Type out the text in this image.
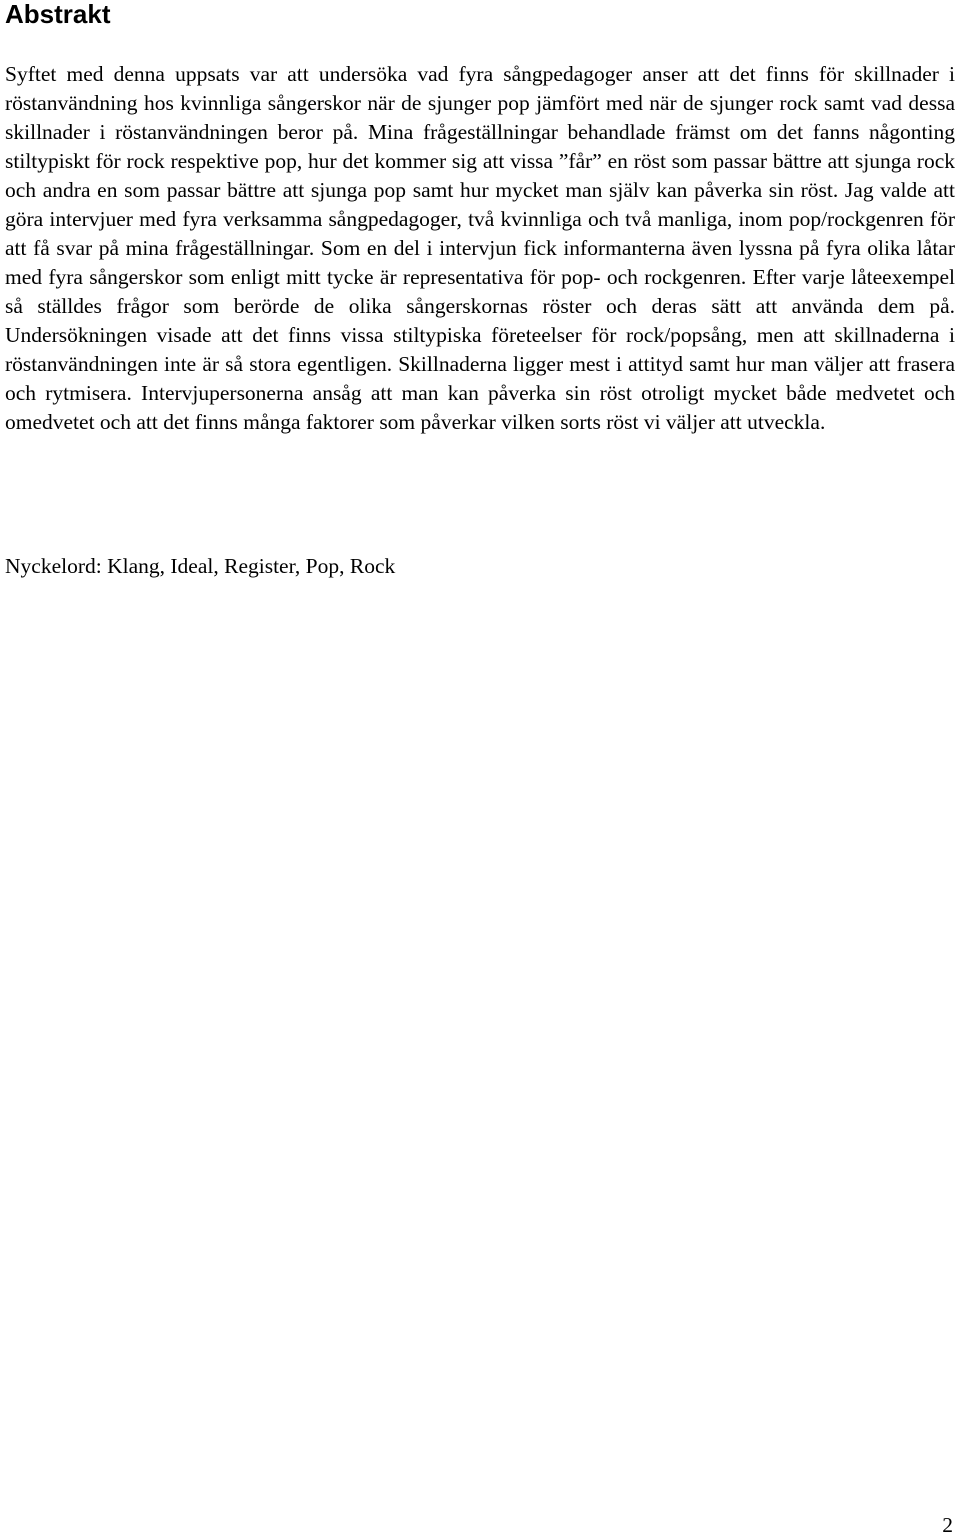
Abstrakt

Syftet med denna uppsats var att undersöka vad fyra sångpedagoger anser att det finns för skillnader i röstanvändning hos kvinnliga sångerskor när de sjunger pop jämfört med när de sjunger rock samt vad dessa skillnader i röstanvändningen beror på. Mina frågeställningar behandlade främst om det fanns någonting stiltypiskt för rock respektive pop, hur det kommer sig att vissa ”får” en röst som passar bättre att sjunga rock och andra en som passar bättre att sjunga pop samt hur mycket man själv kan påverka sin röst. Jag valde att göra intervjuer med fyra verksamma sångpedagoger, två kvinnliga och två manliga, inom pop/rockgenren för att få svar på mina frågeställningar. Som en del i intervjun fick informanterna även lyssna på fyra olika låtar med fyra sångerskor som enligt mitt tycke är representativa för pop- och rockgenren. Efter varje låteexempel så ställdes frågor som berörde de olika sångerskornas röster och deras sätt att använda dem på. Undersökningen visade att det finns vissa stiltypiska företeelser för rock/popsång, men att skillnaderna i röstanvändningen inte är så stora egentligen. Skillnaderna ligger mest i attityd samt hur man väljer att frasera och rytmisera. Intervjupersonerna ansåg att man kan påverka sin röst otroligt mycket både medvetet och omedvetet och att det finns många faktorer som påverkar vilken sorts röst vi väljer att utveckla.

Nyckelord: Klang, Ideal, Register, Pop, Rock

2
